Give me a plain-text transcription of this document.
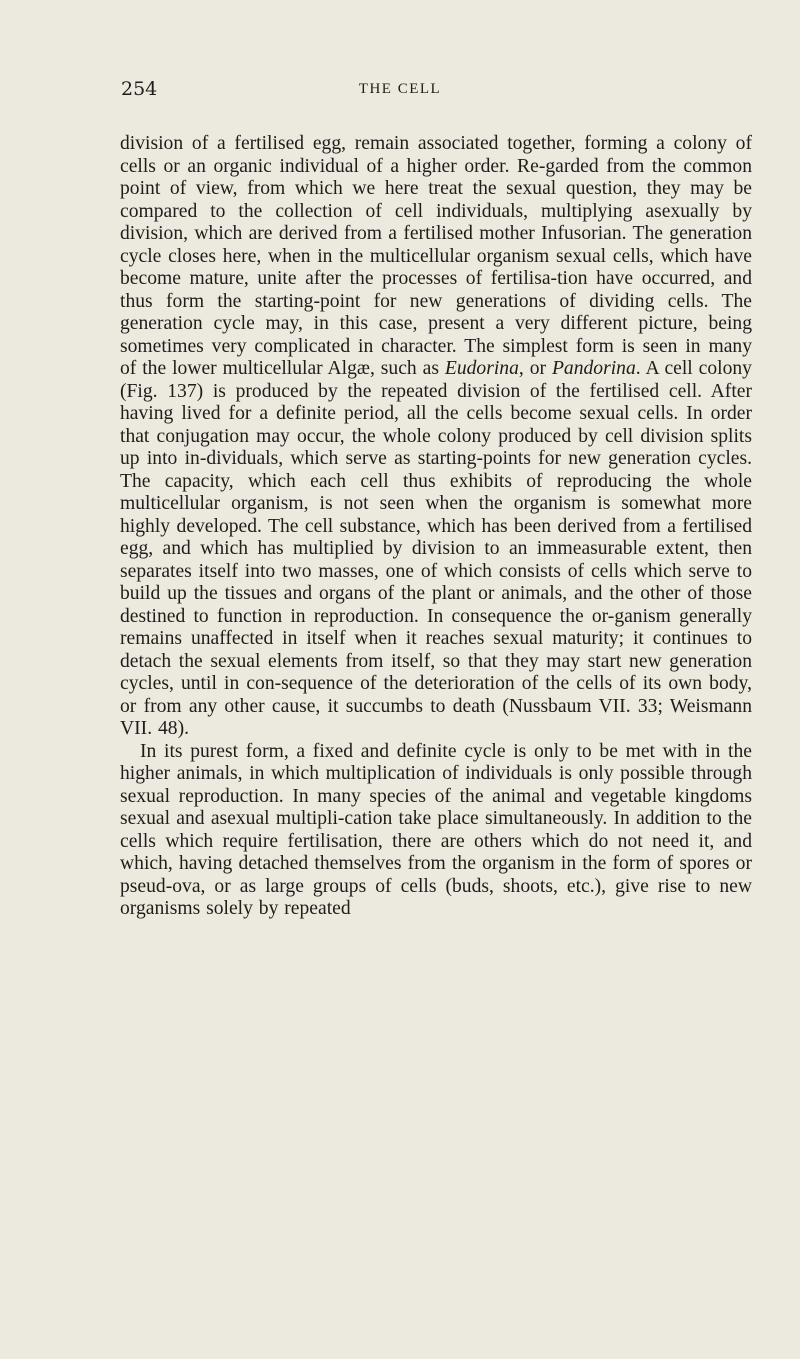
254	THE CELL

division of a fertilised egg, remain associated together, forming a colony of cells or an organic individual of a higher order. Re-garded from the common point of view, from which we here treat the sexual question, they may be compared to the collection of cell individuals, multiplying asexually by division, which are derived from a fertilised mother Infusorian. The generation cycle closes here, when in the multicellular organism sexual cells, which have become mature, unite after the processes of fertilisa-tion have occurred, and thus form the starting-point for new generations of dividing cells. The generation cycle may, in this case, present a very different picture, being sometimes very complicated in character. The simplest form is seen in many of the lower multicellular Algæ, such as Eudorina, or Pandorina. A cell colony (Fig. 137) is produced by the repeated division of the fertilised cell. After having lived for a definite period, all the cells become sexual cells. In order that conjugation may occur, the whole colony produced by cell division splits up into in-dividuals, which serve as starting-points for new generation cycles. The capacity, which each cell thus exhibits of reproducing the whole multicellular organism, is not seen when the organism is somewhat more highly developed. The cell substance, which has been derived from a fertilised egg, and which has multiplied by division to an immeasurable extent, then separates itself into two masses, one of which consists of cells which serve to build up the tissues and organs of the plant or animals, and the other of those destined to function in reproduction. In consequence the or-ganism generally remains unaffected in itself when it reaches sexual maturity; it continues to detach the sexual elements from itself, so that they may start new generation cycles, until in con-sequence of the deterioration of the cells of its own body, or from any other cause, it succumbs to death (Nussbaum VII. 33; Weismann VII. 48).

In its purest form, a fixed and definite cycle is only to be met with in the higher animals, in which multiplication of individuals is only possible through sexual reproduction. In many species of the animal and vegetable kingdoms sexual and asexual multipli-cation take place simultaneously. In addition to the cells which require fertilisation, there are others which do not need it, and which, having detached themselves from the organism in the form of spores or pseud-ova, or as large groups of cells (buds, shoots, etc.), give rise to new organisms solely by repeated
